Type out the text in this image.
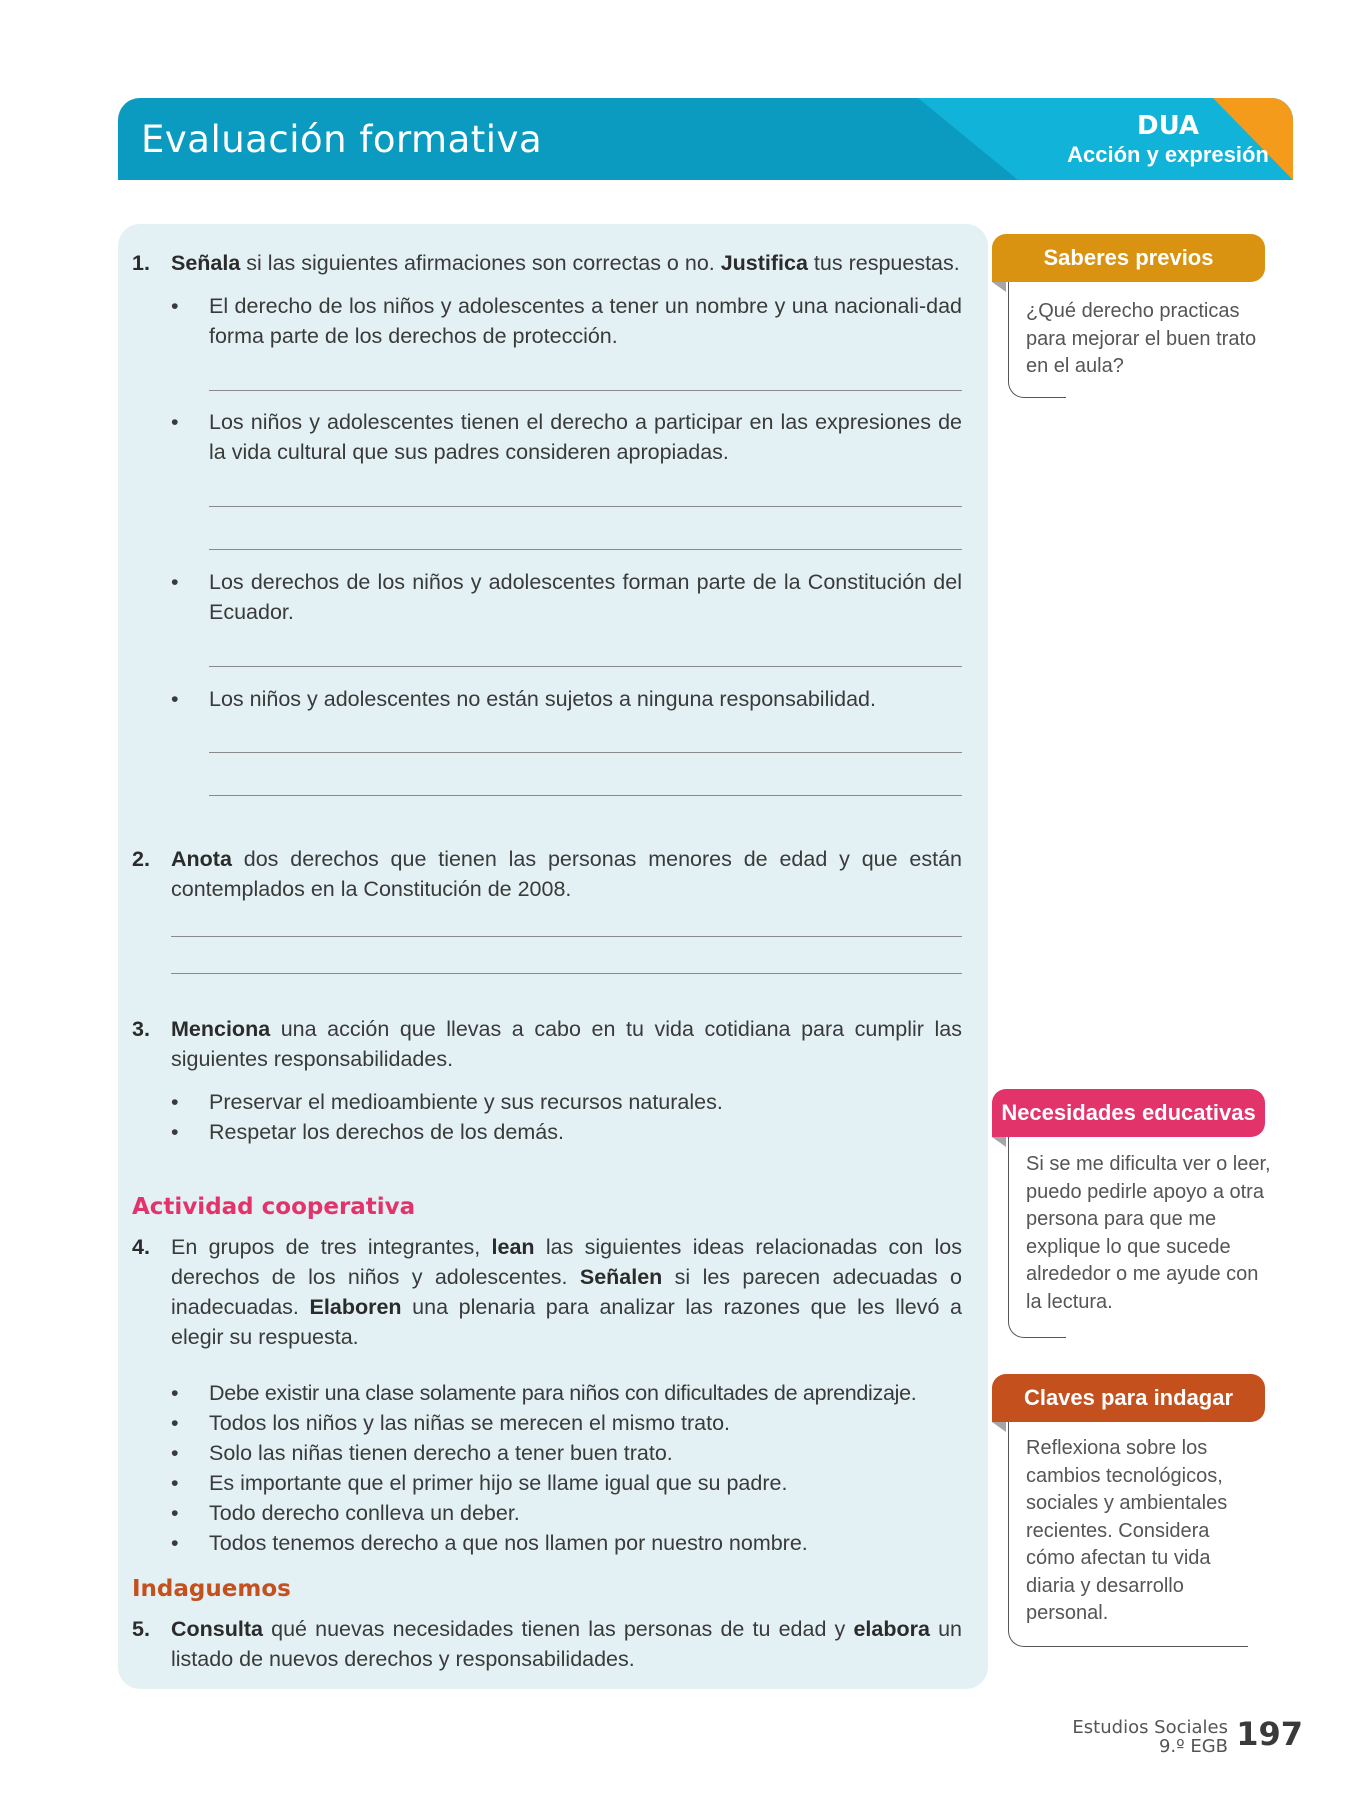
Evaluación formativa	DUA
Acción y expresión
1. Señala si las siguientes afirmaciones son correctas o no. Justifica tus respuestas.
• El derecho de los niños y adolescentes a tener un nombre y una nacionali-dad forma parte de los derechos de protección.
• Los niños y adolescentes tienen el derecho a participar en las expresiones de la vida cultural que sus padres consideren apropiadas.
• Los derechos de los niños y adolescentes forman parte de la Constitución del Ecuador.
• Los niños y adolescentes no están sujetos a ninguna responsabilidad.
2. Anota dos derechos que tienen las personas menores de edad y que están contemplados en la Constitución de 2008.
3. Menciona una acción que llevas a cabo en tu vida cotidiana para cumplir las siguientes responsabilidades.
• Preservar el medioambiente y sus recursos naturales.
• Respetar los derechos de los demás.
Actividad cooperativa
4. En grupos de tres integrantes, lean las siguientes ideas relacionadas con los derechos de los niños y adolescentes. Señalen si les parecen adecuadas o inadecuadas. Elaboren una plenaria para analizar las razones que les llevó a elegir su respuesta.
• Debe existir una clase solamente para niños con dificultades de aprendizaje.
• Todos los niños y las niñas se merecen el mismo trato.
• Solo las niñas tienen derecho a tener buen trato.
• Es importante que el primer hijo se llame igual que su padre.
• Todo derecho conlleva un deber.
• Todos tenemos derecho a que nos llamen por nuestro nombre.
Indaguemos
5. Consulta qué nuevas necesidades tienen las personas de tu edad y elabora un listado de nuevos derechos y responsabilidades.
Saberes previos
¿Qué derecho practicas para mejorar el buen trato en el aula?
Necesidades educativas
Si se me dificulta ver o leer, puedo pedirle apoyo a otra persona para que me explique lo que sucede alrededor o me ayude con la lectura.
Claves para indagar
Reflexiona sobre los cambios tecnológicos, sociales y ambientales recientes. Considera cómo afectan tu vida diaria y desarrollo personal.
Estudios Sociales
9.º EGB 197
